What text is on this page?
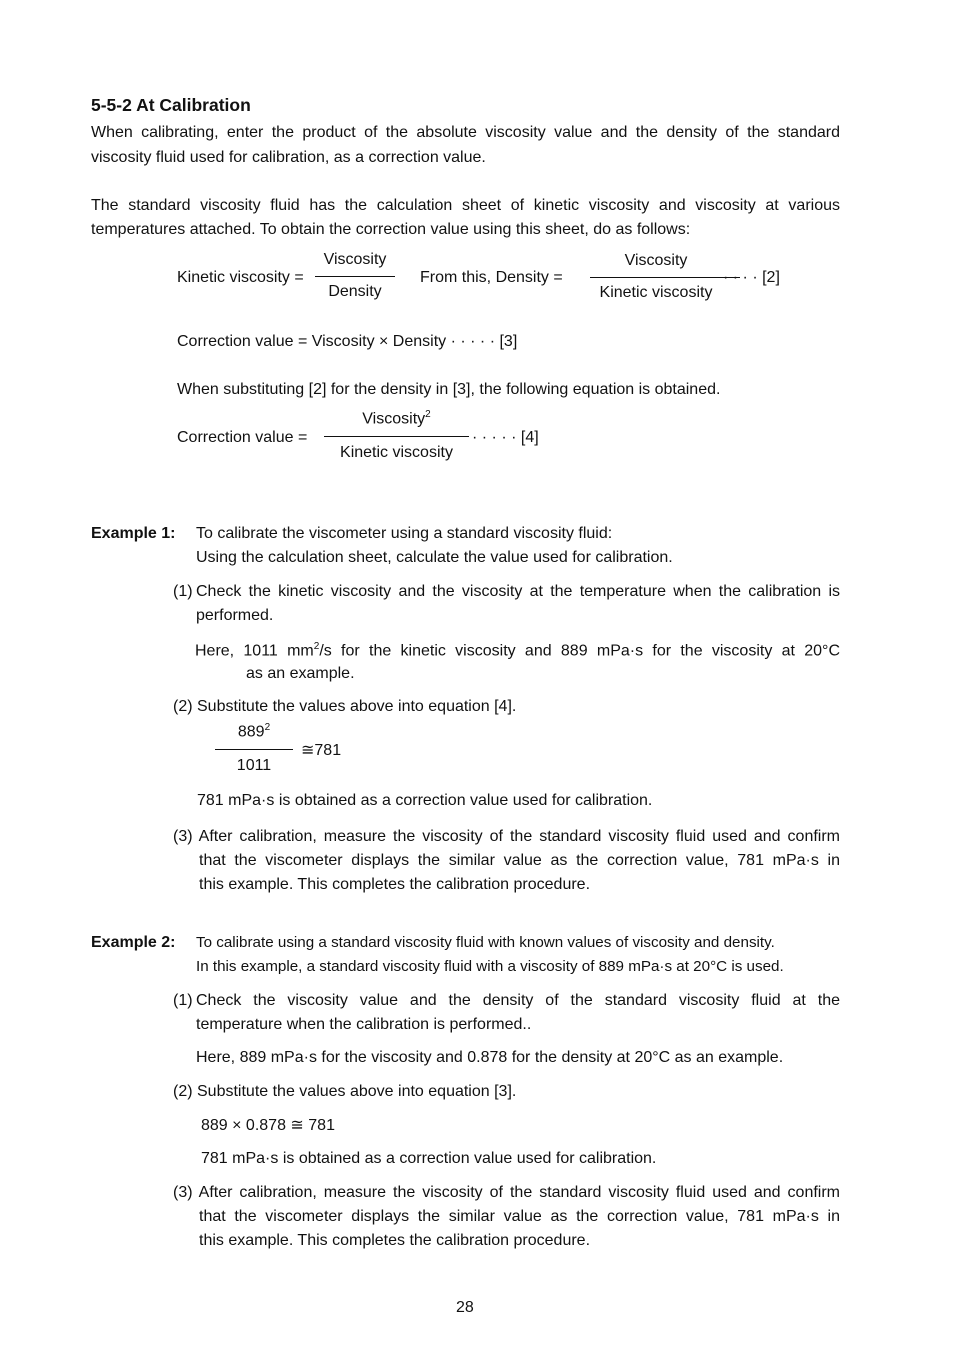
5-5-2 At Calibration
When calibrating, enter the product of the absolute viscosity value and the density of the standard
viscosity fluid used for calibration, as a correction value.
The standard viscosity fluid has the calculation sheet of kinetic viscosity and viscosity at various
temperatures attached. To obtain the correction value using this sheet, do as follows:
Kinetic viscosity =
Viscosity
Density
From this, Density =
Viscosity
Kinetic viscosity
· · · · [2]
Correction value = Viscosity × Density · · · · · [3]
When substituting [2] for the density in [3], the following equation is obtained.
Correction value =
Viscosity$^2$
Kinetic viscosity
· · · · · [4]
Example 1: To calibrate the viscometer using a standard viscosity fluid:
Using the calculation sheet, calculate the value used for calibration.
(1) Check the kinetic viscosity and the viscosity at the temperature when the calibration is
performed.
Here, 1011 $mm^2/s$ for the kinetic viscosity and 889 mPa·s for the viscosity at 20°C
as an example.
(2) Substitute the values above into equation [4].
$889^2$
1011
≅781
781 mPa·s is obtained as a correction value used for calibration.
(3) After calibration, measure the viscosity of the standard viscosity fluid used and confirm
that the viscometer displays the similar value as the correction value, 781 mPa·s in
this example. This completes the calibration procedure.
Example 2: To calibrate using a standard viscosity fluid with known values of viscosity and density.
In this example, a standard viscosity fluid with a viscosity of 889 mPa·s at 20°C is used.
(1) Check the viscosity value and the density of the standard viscosity fluid at the
temperature when the calibration is performed..
Here, 889 mPa·s for the viscosity and 0.878 for the density at 20°C as an example.
(2) Substitute the values above into equation [3].
889 × 0.878 ≅ 781
781 mPa·s is obtained as a correction value used for calibration.
(3) After calibration, measure the viscosity of the standard viscosity fluid used and confirm
that the viscometer displays the similar value as the correction value, 781 mPa·s in
this example. This completes the calibration procedure.
28
